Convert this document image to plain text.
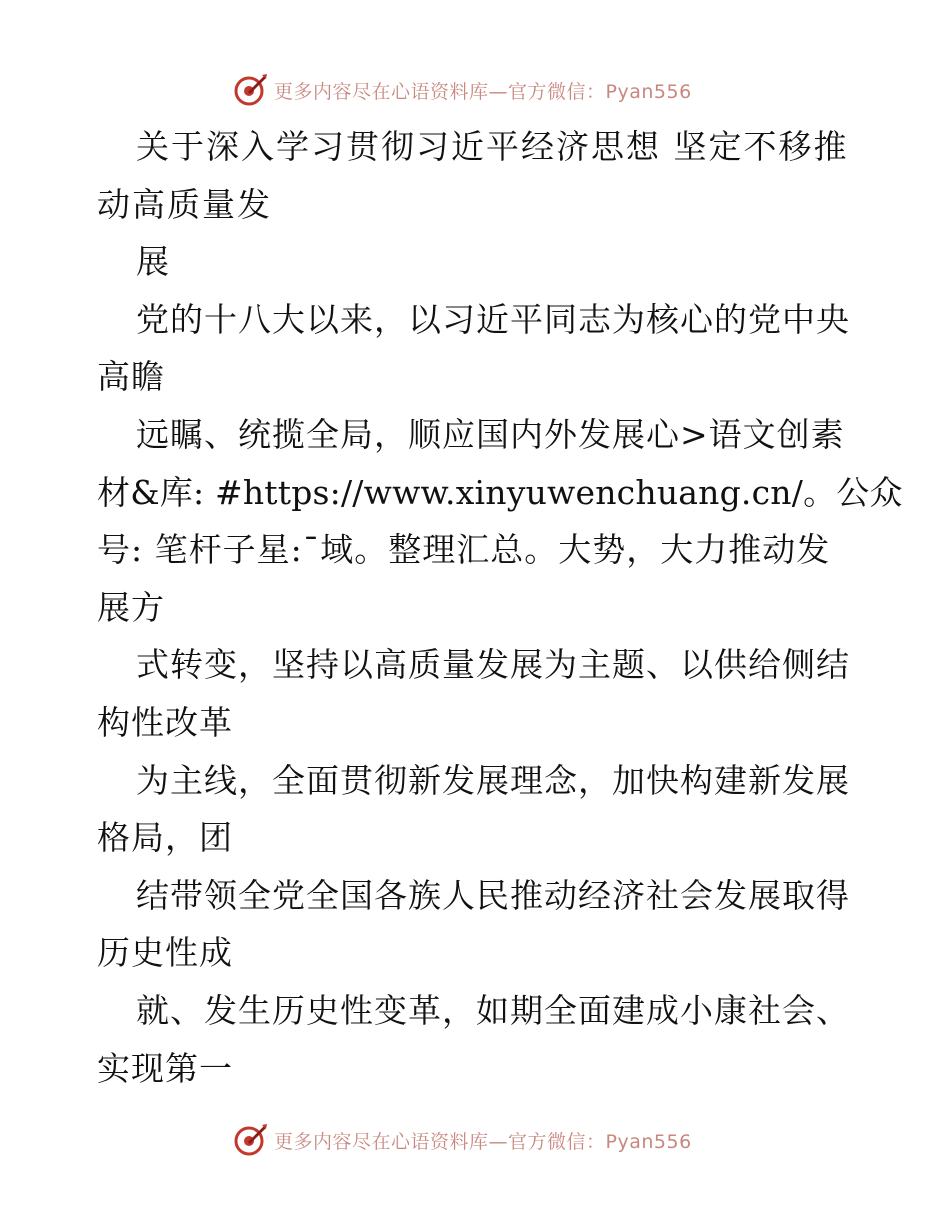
更多内容尽在心语资料库—官方微信：Pyan556
关于深入学习贯彻习近平经济思想 坚定不移推
动高质量发
展
党的十八大以来，以习近平同志为核心的党中央
高瞻
远瞩、统揽全局，顺应国内外发展心>语文创素
材&库: #https://www.xinyuwenchuang.cn/。公众
号: 笔杆子星:¯域。整理汇总。大势，大力推动发
展方
式转变，坚持以高质量发展为主题、以供给侧结
构性改革
为主线，全面贯彻新发展理念，加快构建新发展
格局，团
结带领全党全国各族人民推动经济社会发展取得
历史性成
就、发生历史性变革，如期全面建成小康社会、
实现第一
更多内容尽在心语资料库—官方微信：Pyan556
